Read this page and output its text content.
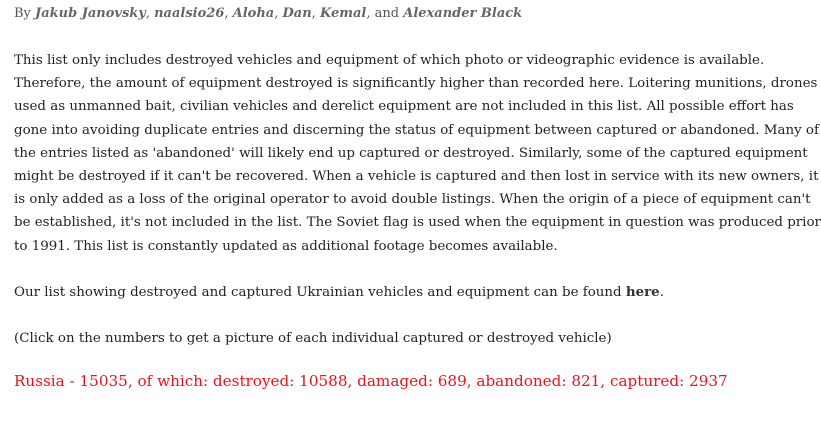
By Jakub Janovsky, naalsio26, Aloha, Dan, Kemal, and Alexander Black
This list only includes destroyed vehicles and equipment of which photo or videographic evidence is available.
Therefore, the amount of equipment destroyed is significantly higher than recorded here. Loitering munitions, drones
used as unmanned bait, civilian vehicles and derelict equipment are not included in this list. All possible effort has
gone into avoiding duplicate entries and discerning the status of equipment between captured or abandoned. Many of
the entries listed as 'abandoned' will likely end up captured or destroyed. Similarly, some of the captured equipment
might be destroyed if it can't be recovered. When a vehicle is captured and then lost in service with its new owners, it
is only added as a loss of the original operator to avoid double listings. When the origin of a piece of equipment can't
be established, it's not included in the list. The Soviet flag is used when the equipment in question was produced prior
to 1991. This list is constantly updated as additional footage becomes available.
Our list showing destroyed and captured Ukrainian vehicles and equipment can be found here.
(Click on the numbers to get a picture of each individual captured or destroyed vehicle)
Russia - 15035, of which: destroyed: 10588, damaged: 689, abandoned: 821, captured: 2937
